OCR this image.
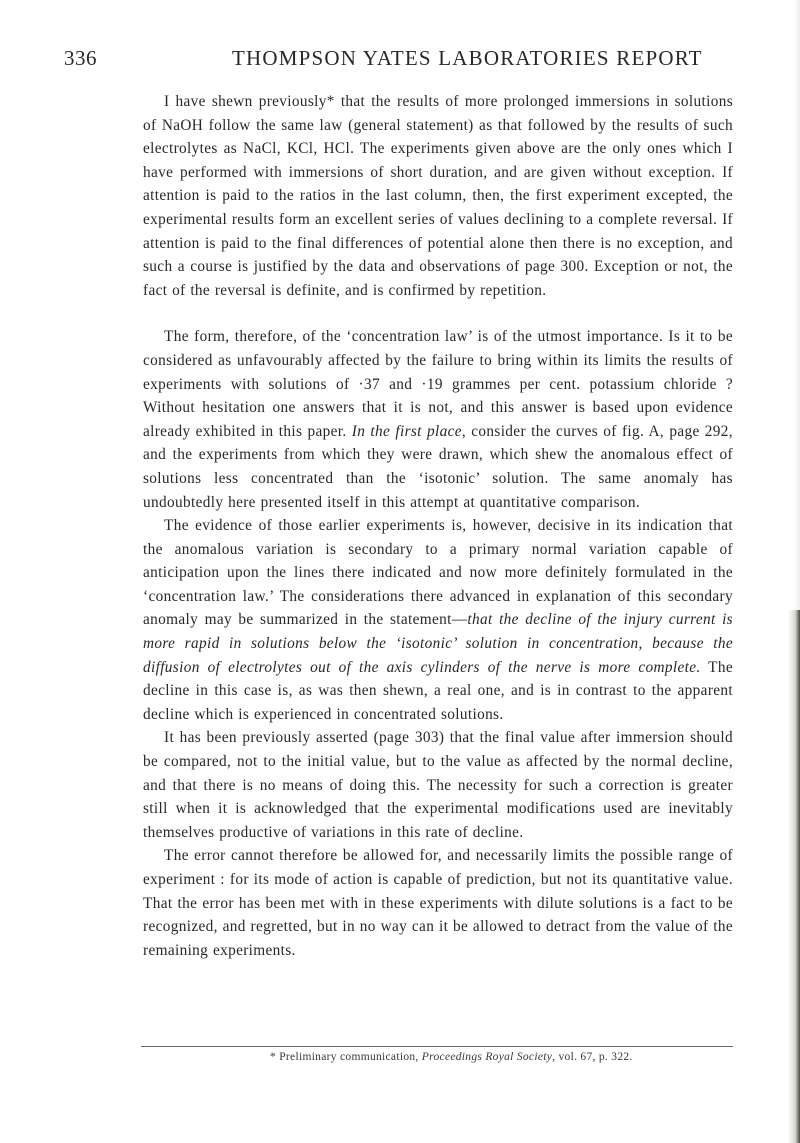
336	THOMPSON YATES LABORATORIES REPORT

I have shewn previously* that the results of more prolonged immersions in solutions of NaOH follow the same law (general statement) as that followed by the results of such electrolytes as NaCl, KCl, HCl. The experiments given above are the only ones which I have performed with immersions of short duration, and are given without exception. If attention is paid to the ratios in the last column, then, the first experiment excepted, the experimental results form an excellent series of values declining to a complete reversal. If attention is paid to the final differences of potential alone then there is no exception, and such a course is justified by the data and observations of page 300. Exception or not, the fact of the reversal is definite, and is confirmed by repetition.

The form, therefore, of the ‘concentration law’ is of the utmost importance. Is it to be considered as unfavourably affected by the failure to bring within its limits the results of experiments with solutions of ·37 and ·19 grammes per cent. potassium chloride ? Without hesitation one answers that it is not, and this answer is based upon evidence already exhibited in this paper. In the first place, consider the curves of fig. A, page 292, and the experiments from which they were drawn, which shew the anomalous effect of solutions less concentrated than the ‘isotonic’ solution. The same anomaly has undoubtedly here presented itself in this attempt at quantitative comparison.

The evidence of those earlier experiments is, however, decisive in its indication that the anomalous variation is secondary to a primary normal variation capable of anticipation upon the lines there indicated and now more definitely formulated in the ‘concentration law.’ The considerations there advanced in explanation of this secondary anomaly may be summarized in the statement—that the decline of the injury current is more rapid in solutions below the ‘isotonic’ solution in concentration, because the diffusion of electrolytes out of the axis cylinders of the nerve is more complete. The decline in this case is, as was then shewn, a real one, and is in contrast to the apparent decline which is experienced in concentrated solutions.

It has been previously asserted (page 303) that the final value after immersion should be compared, not to the initial value, but to the value as affected by the normal decline, and that there is no means of doing this. The necessity for such a correction is greater still when it is acknowledged that the experimental modifications used are inevitably themselves productive of variations in this rate of decline.

The error cannot therefore be allowed for, and necessarily limits the possible range of experiment : for its mode of action is capable of prediction, but not its quantitative value. That the error has been met with in these experiments with dilute solutions is a fact to be recognized, and regretted, but in no way can it be allowed to detract from the value of the remaining experiments.

* Preliminary communication, Proceedings Royal Society, vol. 67, p. 322.
